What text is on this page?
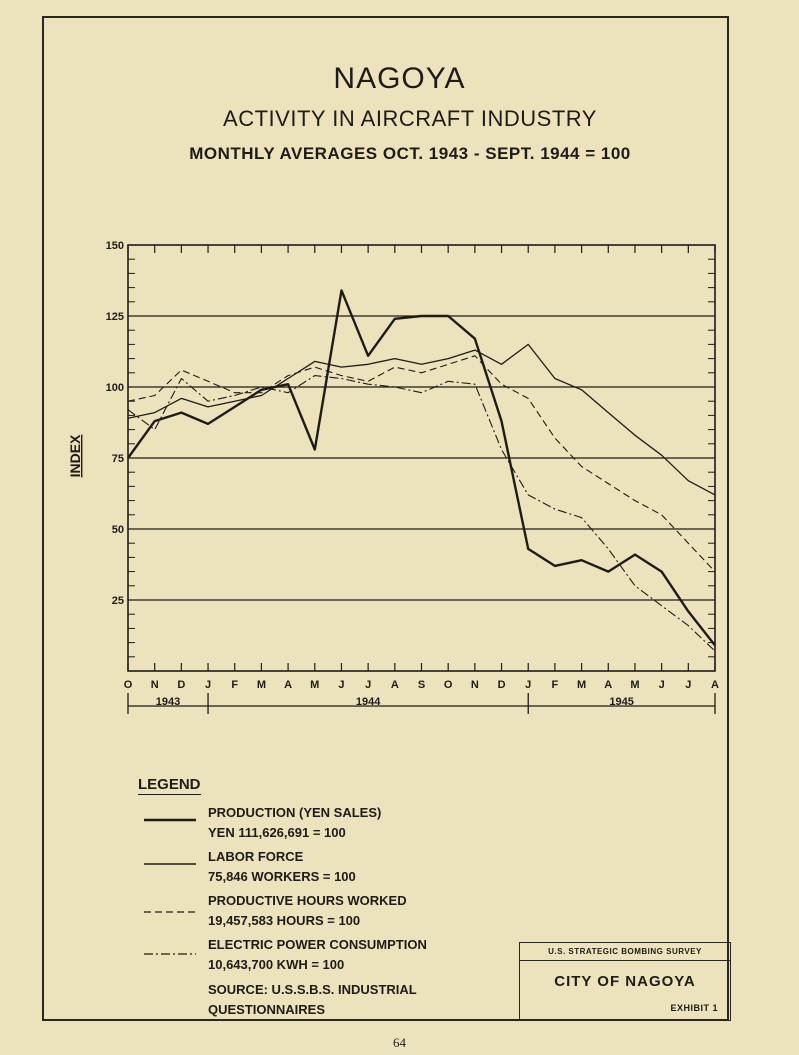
NAGOYA
ACTIVITY IN AIRCRAFT INDUSTRY
MONTHLY AVERAGES OCT. 1943 - SEPT. 1944 = 100
150
125
100
75
50
25
O N D J F M A M J J A S O N D J F M A M J J A
1943	1944	1945
INDEX
LEGEND
PRODUCTION (YEN SALES)
YEN 111,626,691 = 100
LABOR FORCE
75,846 WORKERS = 100
PRODUCTIVE HOURS WORKED
19,457,583 HOURS = 100
ELECTRIC POWER CONSUMPTION
10,643,700 KWH = 100
SOURCE: U.S.S.B.S. INDUSTRIAL
QUESTIONNAIRES
U.S. STRATEGIC BOMBING SURVEY
CITY OF NAGOYA
EXHIBIT 1
64
